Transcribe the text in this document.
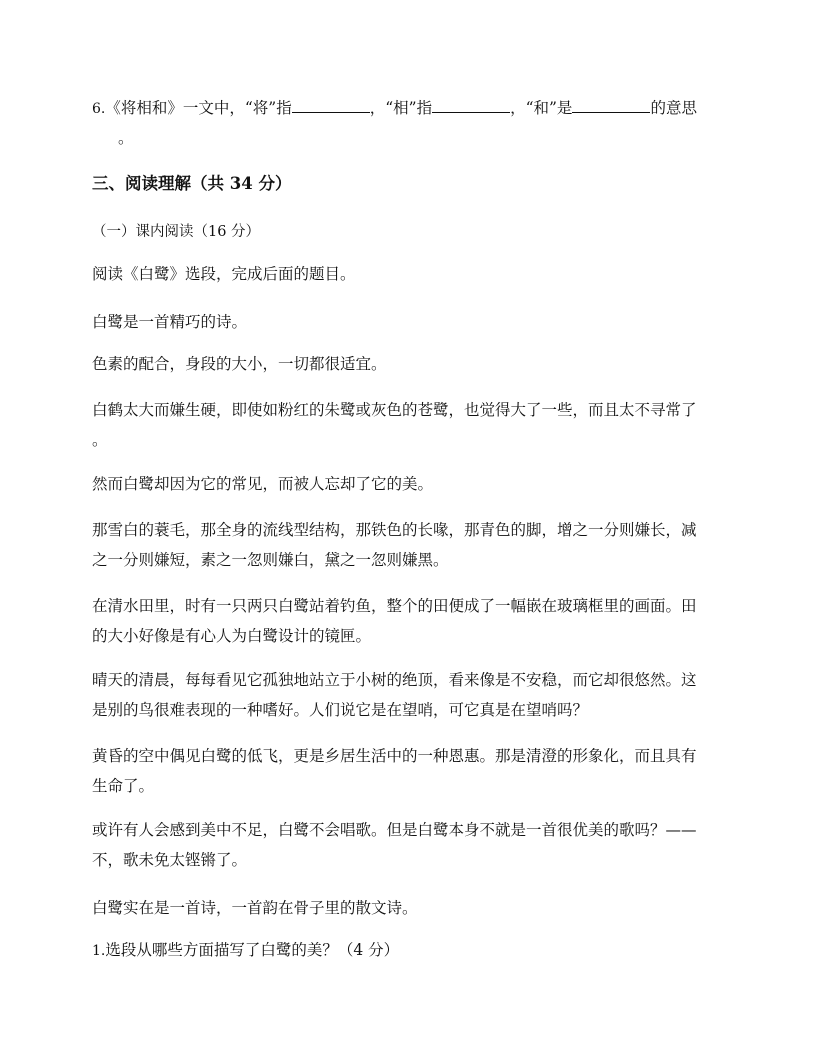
6.《将相和》一文中，“将”指	，“相”指	，“和”是	的意思
。
三、阅读理解（共 34 分）
（一）课内阅读（16 分）
阅读《白鹭》选段，完成后面的题目。
白鹭是一首精巧的诗。
色素的配合，身段的大小，一切都很适宜。
白鹤太大而嫌生硬，即使如粉红的朱鹭或灰色的苍鹭，也觉得大了一些，而且太不寻常了
。
然而白鹭却因为它的常见，而被人忘却了它的美。
那雪白的蓑毛，那全身的流线型结构，那铁色的长喙，那青色的脚，增之一分则嫌长，减
之一分则嫌短，素之一忽则嫌白，黛之一忽则嫌黑。
在清水田里，时有一只两只白鹭站着钓鱼，整个的田便成了一幅嵌在玻璃框里的画面。田
的大小好像是有心人为白鹭设计的镜匣。
晴天的清晨，每每看见它孤独地站立于小树的绝顶，看来像是不安稳，而它却很悠然。这
是别的鸟很难表现的一种嗜好。人们说它是在望哨，可它真是在望哨吗？
黄昏的空中偶见白鹭的低飞，更是乡居生活中的一种恩惠。那是清澄的形象化，而且具有
生命了。
或许有人会感到美中不足，白鹭不会唱歌。但是白鹭本身不就是一首很优美的歌吗？——
不，歌未免太铿锵了。
白鹭实在是一首诗，一首韵在骨子里的散文诗。
1.选段从哪些方面描写了白鹭的美？（4 分）
